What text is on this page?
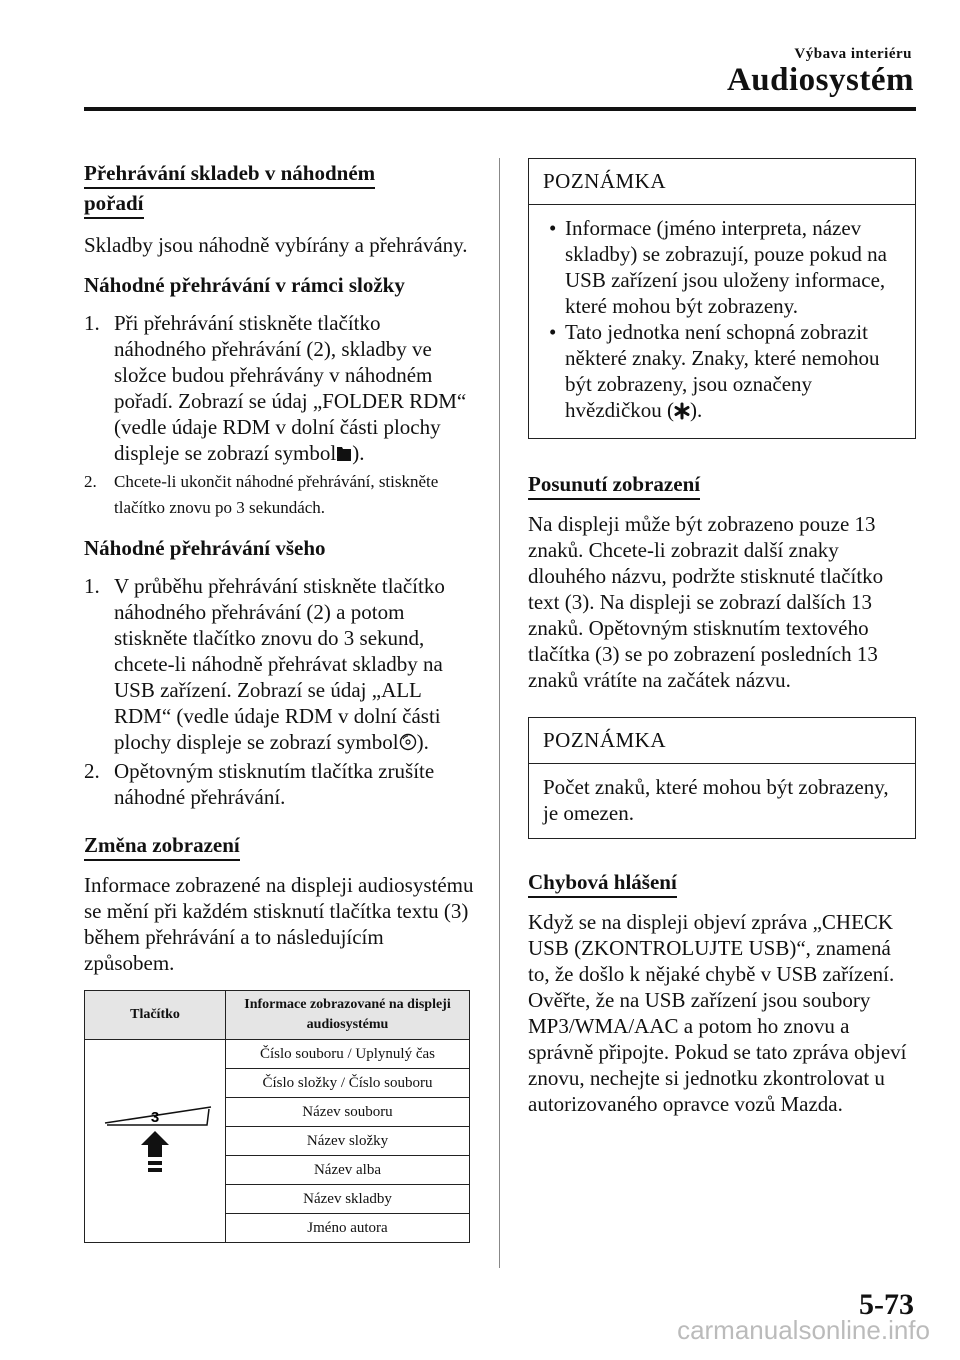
Výbava interiéru
Audiosystém
Přehrávání skladeb v náhodném pořadí

Skladby jsou náhodně vybírány a přehrávány.

Náhodné přehrávání v rámci složky
1. Při přehrávání stiskněte tlačítko náhodného přehrávání (2), skladby ve složce budou přehrávány v náhodném pořadí. Zobrazí se údaj „FOLDER RDM“ (vedle údaje RDM v dolní části plochy displeje se zobrazí symbol ).
2. Chcete-li ukončit náhodné přehrávání, stiskněte tlačítko znovu po 3 sekundách.
Náhodné přehrávání všeho
1. V průběhu přehrávání stiskněte tlačítko náhodného přehrávání (2) a potom stiskněte tlačítko znovu do 3 sekund, chcete-li náhodně přehrávat skladby na USB zařízení. Zobrazí se údaj „ALL RDM“ (vedle údaje RDM v dolní části plochy displeje se zobrazí symbol ).
2. Opětovným stisknutím tlačítka zrušíte náhodné přehrávání.
Změna zobrazení

Informace zobrazené na displeji audiosystému se mění při každém stisknutí tlačítka textu (3) během přehrávání a to následujícím způsobem.

Tlačítko	Informace zobrazované na displeji audiosystému

3	Číslo souboru / Uplynulý čas
	Číslo složky / Číslo souboru
	Název souboru
	Název složky
	Název alba
	Název skladby
	Jméno autora
POZNÁMKA
• Informace (jméno interpreta, název skladby) se zobrazují, pouze pokud na USB zařízení jsou uloženy informace, které mohou být zobrazeny.
• Tato jednotka není schopná zobrazit některé znaky. Znaky, které nemohou být zobrazeny, jsou označeny hvězdičkou ( ).
Posunutí zobrazení

Na displeji může být zobrazeno pouze 13 znaků. Chcete-li zobrazit další znaky dlouhého názvu, podržte stisknuté tlačítko text (3). Na displeji se zobrazí dalších 13 znaků. Opětovným stisknutím textového tlačítka (3) se po zobrazení posledních 13 znaků vrátíte na začátek názvu.

POZNÁMKA

Počet znaků, které mohou být zobrazeny, je omezen.

Chybová hlášení

Když se na displeji objeví zpráva „CHECK USB (ZKONTROLUJTE USB)“, znamená to, že došlo k nějaké chybě v USB zařízení. Ověřte, že na USB zařízení jsou soubory MP3/WMA/AAC a potom ho znovu a správně připojte. Pokud se tato zpráva objeví znovu, nechejte si jednotku zkontrolovat u autorizovaného opravce vozů Mazda.

5-73
carmanualsonline.info
